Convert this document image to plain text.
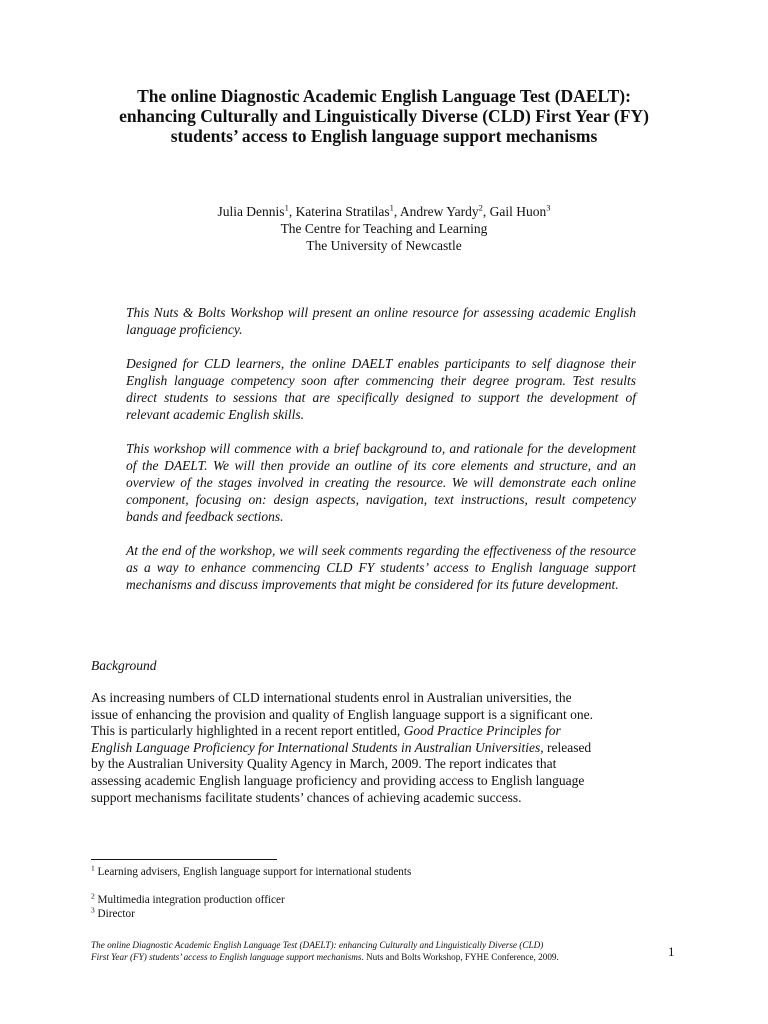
The online Diagnostic Academic English Language Test (DAELT):
enhancing Culturally and Linguistically Diverse (CLD) First Year (FY)
students’ access to English language support mechanisms
Julia Dennis$^1$, Katerina Stratilas$^1$, Andrew Yardy$^2$, Gail Huon$^3$
The Centre for Teaching and Learning
The University of Newcastle

This Nuts & Bolts Workshop will present an online resource for assessing academic English language proficiency.

Designed for CLD learners, the online DAELT enables participants to self diagnose their English language competency soon after commencing their degree program. Test results direct students to sessions that are specifically designed to support the development of relevant academic English skills.

This workshop will commence with a brief background to, and rationale for the development of the DAELT. We will then provide an outline of its core elements and structure, and an overview of the stages involved in creating the resource. We will demonstrate each online component, focusing on: design aspects, navigation, text instructions, result competency bands and feedback sections.

At the end of the workshop, we will seek comments regarding the effectiveness of the resource as a way to enhance commencing CLD FY students’ access to English language support mechanisms and discuss improvements that might be considered for its future development.

Background
As increasing numbers of CLD international students enrol in Australian universities, the
issue of enhancing the provision and quality of English language support is a significant one.
This is particularly highlighted in a recent report entitled, Good Practice Principles for
English Language Proficiency for International Students in Australian Universities, released
by the Australian University Quality Agency in March, 2009. The report indicates that
assessing academic English language proficiency and providing access to English language
support mechanisms facilitate students’ chances of achieving academic success.
$^1$ Learning advisers, English language support for international students
$^2$ Multimedia integration production officer
$^3$ Director
The online Diagnostic Academic English Language Test (DAELT): enhancing Culturally and Linguistically Diverse (CLD)
First Year (FY) students’ access to English language support mechanisms. Nuts and Bolts Workshop, FYHE Conference, 2009.	1
